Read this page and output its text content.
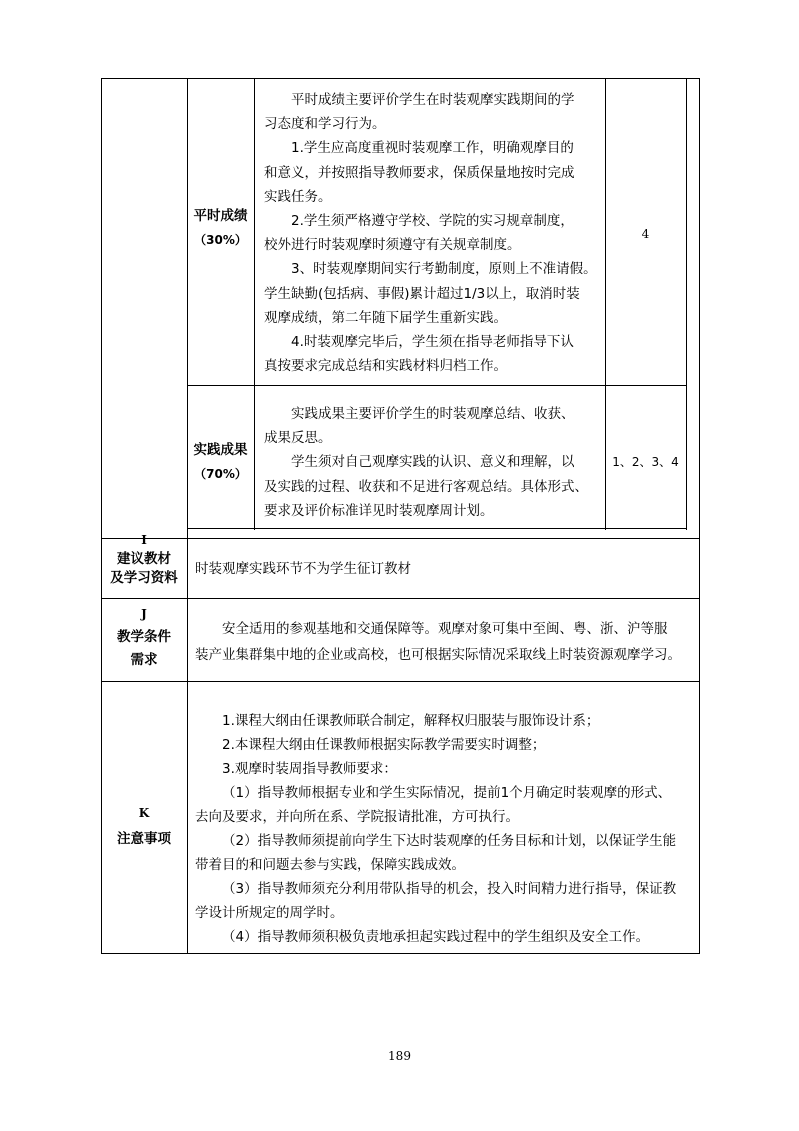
平时成绩
（30%）

平时成绩主要评价学生在时装观摩实践期间的学

习态度和学习行为。

1.学生应高度重视时装观摩工作，明确观摩目的

和意义，并按照指导教师要求，保质保量地按时完成

实践任务。

2.学生须严格遵守学校、学院的实习规章制度，

校外进行时装观摩时须遵守有关规章制度。

3、时装观摩期间实行考勤制度，原则上不准请假。

学生缺勤(包括病、事假)累计超过1/3以上，取消时装

观摩成绩，第二年随下届学生重新实践。

4.时装观摩完毕后，学生须在指导老师指导下认

真按要求完成总结和实践材料归档工作。

4
实践成果
（70%）

实践成果主要评价学生的时装观摩总结、收获、

成果反思。

学生须对自己观摩实践的认识、意义和理解，以

及实践的过程、收获和不足进行客观总结。具体形式、

要求及评价标准详见时装观摩周计划。

1、2、3、4
I
建议教材
及学习资料
时装观摩实践环节不为学生征订教材
J
教学条件
需求

安全适用的参观基地和交通保障等。观摩对象可集中至闽、粤、浙、沪等服

装产业集群集中地的企业或高校，也可根据实际情况采取线上时装资源观摩学习。

K
注意事项

1.课程大纲由任课教师联合制定，解释权归服装与服饰设计系；

2.本课程大纲由任课教师根据实际教学需要实时调整；

3.观摩时装周指导教师要求：

（1）指导教师根据专业和学生实际情况，提前1个月确定时装观摩的形式、

去向及要求，并向所在系、学院报请批准，方可执行。

（2）指导教师须提前向学生下达时装观摩的任务目标和计划，以保证学生能

带着目的和问题去参与实践，保障实践成效。

（3）指导教师须充分利用带队指导的机会，投入时间精力进行指导，保证教

学设计所规定的周学时。

（4）指导教师须积极负责地承担起实践过程中的学生组织及安全工作。

189
